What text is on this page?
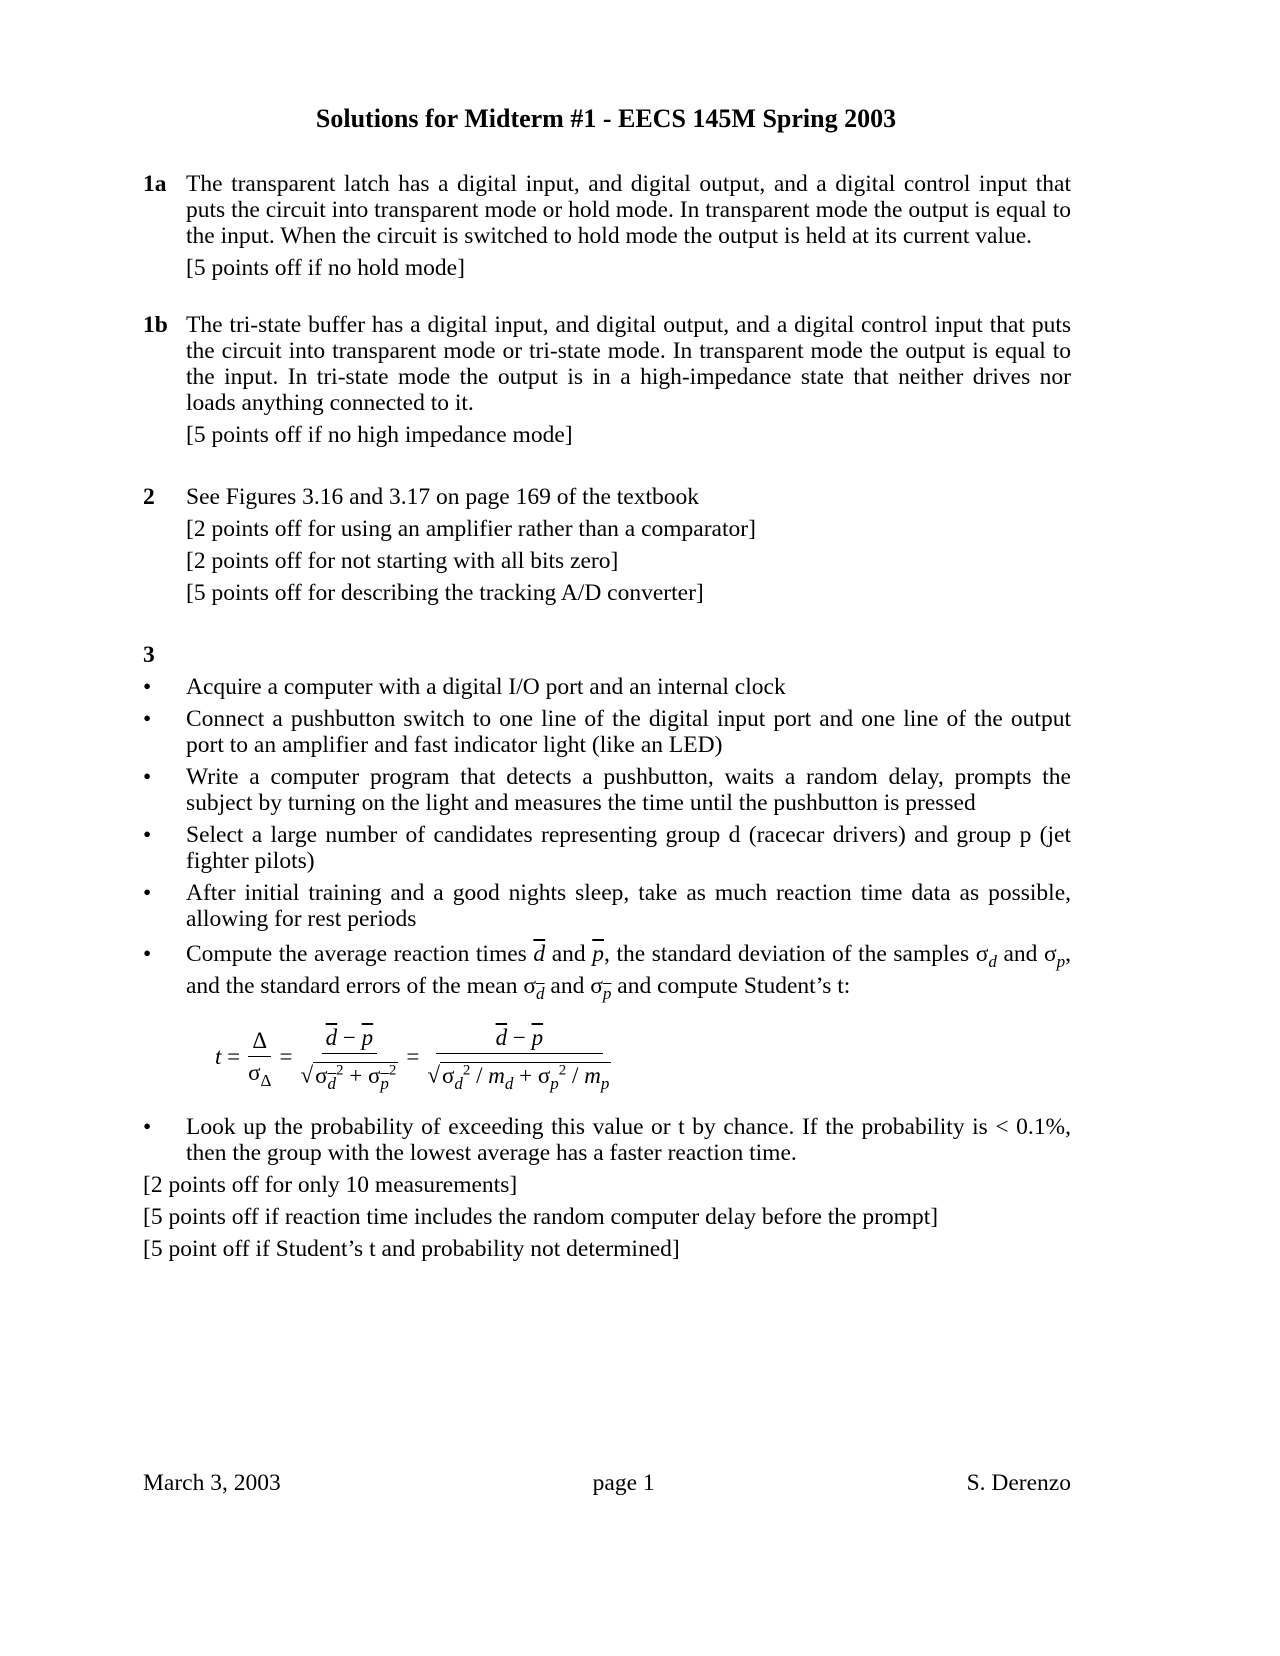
Solutions for Midterm #1 - EECS 145M Spring 2003
1a The transparent latch has a digital input, and digital output, and a digital control input that puts the circuit into transparent mode or hold mode. In transparent mode the output is equal to the input. When the circuit is switched to hold mode the output is held at its current value.
[5 points off if no hold mode]
1b The tri-state buffer has a digital input, and digital output, and a digital control input that puts the circuit into transparent mode or tri-state mode. In transparent mode the output is equal to the input. In tri-state mode the output is in a high-impedance state that neither drives nor loads anything connected to it.
[5 points off if no high impedance mode]
2	See Figures 3.16 and 3.17 on page 169 of the textbook
[2 points off for using an amplifier rather than a comparator]
[2 points off for not starting with all bits zero]
[5 points off for describing the tracking A/D converter]
3
•	Acquire a computer with a digital I/O port and an internal clock
•	Connect a pushbutton switch to one line of the digital input port and one line of the output port to an amplifier and fast indicator light (like an LED)
•	Write a computer program that detects a pushbutton, waits a random delay, prompts the subject by turning on the light and measures the time until the pushbutton is pressed
•	Select a large number of candidates representing group d (racecar drivers) and group p (jet fighter pilots)
•	After initial training and a good nights sleep, take as much reaction time data as possible, allowing for rest periods
•	Compute the average reaction times $\overline{d}$ and $\overline{p}$, the standard deviation of the samples $\sigma_d$ and $\sigma_p$, and the standard errors of the mean $\sigma_{\overline{d}}$ and $\sigma_{\overline{p}}$ and compute Student’s t:
t
= $\frac{\Delta}{\sigma_\Delta} = \frac{\overline{d} - \overline{p}}{√\sigma_{\overline{d}}^2 + \sigma_{\overline{p}}^2} = \frac{\overline{d} - \overline{p}}{√\sigma_d^2 / m_d + \sigma_p^2 / m_p}$
•	Look up the probability of exceeding this value or t by chance. If the probability is < 0.1%, then the group with the lowest average has a faster reaction time.
[2 points off for only 10 measurements]
[5 points off if reaction time includes the random computer delay before the prompt]
[5 point off if Student’s t and probability not determined]
March 3, 2003	page 1	S. Derenzo
